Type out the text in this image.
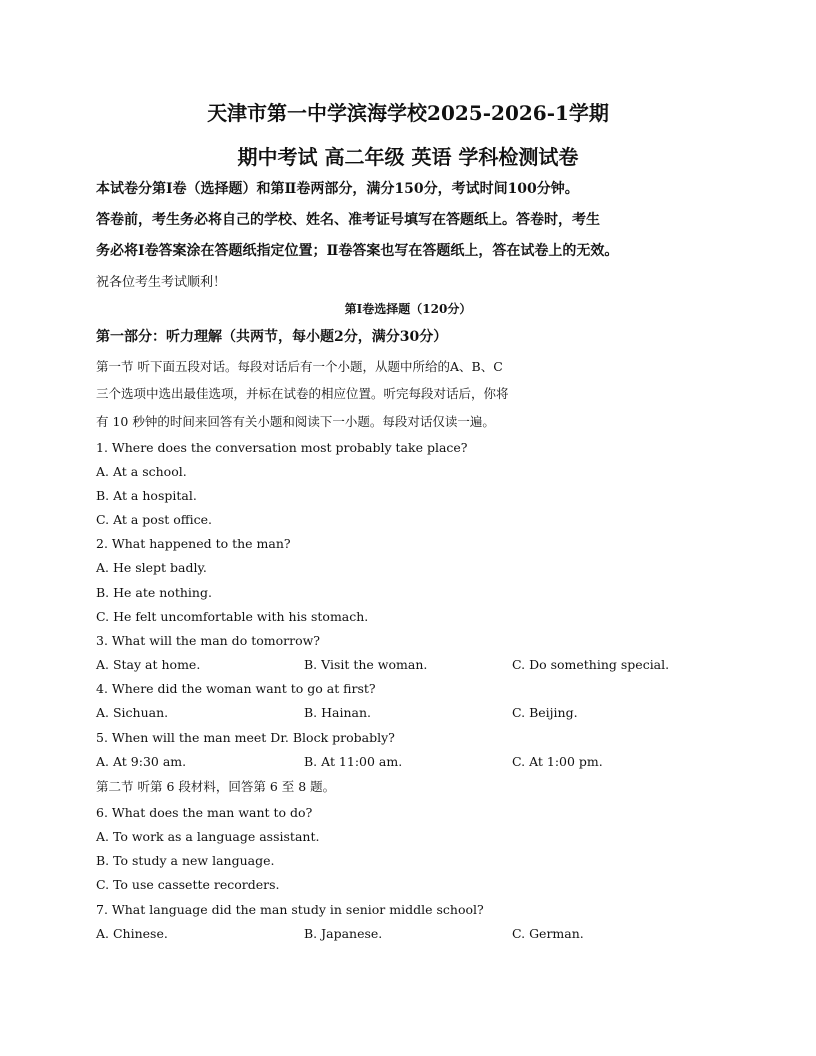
天津市第一中学滨海学校2025-2026-1学期
期中考试 高二年级 英语 学科检测试卷
本试卷分第Ⅰ卷（选择题）和第Ⅱ卷两部分，满分150分，考试时间100分钟。
答卷前，考生务必将自己的学校、姓名、准考证号填写在答题纸上。答卷时，考生
务必将Ⅰ卷答案涂在答题纸指定位置；Ⅱ卷答案也写在答题纸上，答在试卷上的无效。
祝各位考生考试顺利！
第Ⅰ卷选择题（120分）
第一部分：听力理解（共两节，每小题2分，满分30分）
第一节 听下面五段对话。每段对话后有一个小题，从题中所给的A、B、C
三个选项中选出最佳选项，并标在试卷的相应位置。听完每段对话后，你将
有 10 秒钟的时间来回答有关小题和阅读下一小题。每段对话仅读一遍。
1. Where does the conversation most probably take place?
A. At a school.
B. At a hospital.
C. At a post office.
2. What happened to the man?
A. He slept badly.
B. He ate nothing.
C. He felt uncomfortable with his stomach.
3. What will the man do tomorrow?
A. Stay at home.	B. Visit the woman.	C. Do something special.
4. Where did the woman want to go at first?
A. Sichuan.	B. Hainan.	C. Beijing.
5. When will the man meet Dr. Block probably?
A. At 9:30 am.	B. At 11:00 am.	C. At 1:00 pm.
第二节 听第 6 段材料，回答第 6 至 8 题。
6. What does the man want to do?
A. To work as a language assistant.
B. To study a new language.
C. To use cassette recorders.
7. What language did the man study in senior middle school?
A. Chinese.	B. Japanese.	C. German.
